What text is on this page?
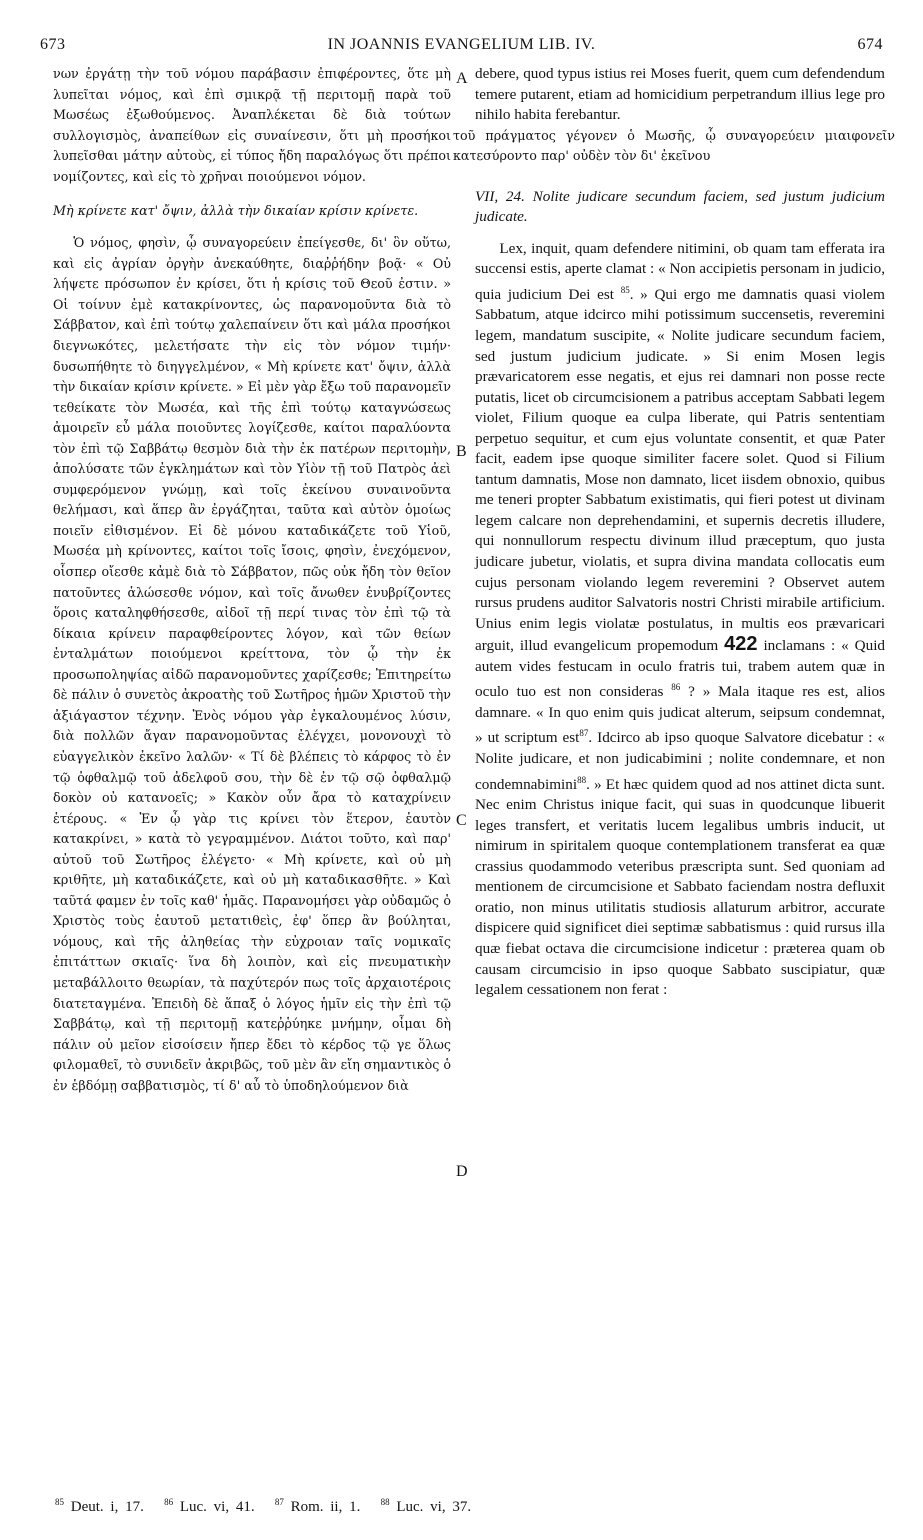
673	IN JOANNIS EVANGELIUM LIB. IV.	674

νων ἐργάτῃ τὴν τοῦ νόμου παράβασιν ἐπιφέροντες, ὅτε μὴ λυπεῖται νόμος, καὶ ἐπὶ σμικρᾷ τῇ περιτομῇ παρὰ τοῦ Μωσέως ἐξωθούμενος. Ἀναπλέκεται δὲ διὰ τούτων συλλογισμὸς, ἀναπείθων εἰς συναίνεσιν, ὅτι μὴ προσήκοι λυπεῖσθαι μάτην αὐτοὺς, εἰ τύπος ἤδη παραλόγως ὅτι πρέποι νομίζοντες, καὶ εἰς τὸ χρῆναι ποιούμενοι νόμον.

Μὴ κρίνετε κατ' ὄψιν, ἀλλὰ τὴν δικαίαν κρίσιν κρίνετε.

Ὁ νόμος, φησὶν, ᾧ συναγορεύειν ἐπείγεσθε, δι' ὃν οὕτω, καὶ εἰς ἀγρίαν ὀργὴν ἀνεκαύθητε, διαῤῥήδην βοᾷ· « Οὐ λήψετε πρόσωπον ἐν κρίσει, ὅτι ἡ κρίσις τοῦ Θεοῦ ἐστιν. » Οἱ τοίνυν ἐμὲ κατακρίνοντες, ὡς παρανομοῦντα διὰ τὸ Σάββατον, καὶ ἐπὶ τούτῳ χαλεπαίνειν ὅτι καὶ μάλα προσήκοι διεγνωκότες, μελετήσατε τὴν εἰς τὸν νόμον τιμήν· δυσωπήθητε τὸ διηγγελμένον, « Μὴ κρίνετε κατ' ὄψιν, ἀλλὰ τὴν δικαίαν κρίσιν κρίνετε. » Εἰ μὲν γὰρ ἔξω τοῦ παρανομεῖν τεθείκατε τὸν Μωσέα, καὶ τῆς ἐπὶ τούτῳ καταγνώσεως ἀμοιρεῖν εὖ μάλα ποιοῦντες λογίζεσθε, καίτοι παραλύοντα τὸν ἐπὶ τῷ Σαββάτῳ θεσμὸν διὰ τὴν ἐκ πατέρων περιτομὴν, ἀπολύσατε τῶν ἐγκλημάτων καὶ τὸν Υἱὸν τῇ τοῦ Πατρὸς ἀεὶ συμφερόμενον γνώμῃ, καὶ τοῖς ἐκείνου συναινοῦντα θελήμασι, καὶ ἅπερ ἂν ἐργάζηται, ταῦτα καὶ αὐτὸν ὁμοίως ποιεῖν εἰθισμένον. Εἰ δὲ μόνου καταδικάζετε τοῦ Υἱοῦ, Μωσέα μὴ κρίνοντες, καίτοι τοῖς ἴσοις, φησὶν, ἐνεχόμενον, οἷσπερ οἴεσθε κἀμὲ διὰ τὸ Σάββατον, πῶς οὐκ ἤδη τὸν θεῖον πατοῦντες ἁλώσεσθε νόμον, καὶ τοῖς ἄνωθεν ἐνυβρίζοντες ὅροις καταληφθήσεσθε, αἰδοῖ τῇ περί τινας τὸν ἐπὶ τῷ τὰ δίκαια κρίνειν παραφθείροντες λόγον, καὶ τῶν θείων ἐνταλμάτων ποιούμενοι κρείττονα, τὸν ᾧ τὴν ἐκ προσωποληψίας αἰδῶ παρανομοῦντες χαρίζεσθε; Ἐπιτηρείτω δὲ πάλιν ὁ συνετὸς ἀκροατὴς τοῦ Σωτῆρος ἡμῶν Χριστοῦ τὴν ἀξιάγαστον τέχνην. Ἑνὸς νόμου γὰρ ἐγκαλουμένος λύσιν, διὰ πολλῶν ἄγαν παρανομοῦντας ἐλέγχει, μονονουχὶ τὸ εὐαγγελικὸν ἐκεῖνο λαλῶν· « Τί δὲ βλέπεις τὸ κάρφος τὸ ἐν τῷ ὀφθαλμῷ τοῦ ἀδελφοῦ σου, τὴν δὲ ἐν τῷ σῷ ὀφθαλμῷ δοκὸν οὐ κατανοεῖς; » Κακὸν οὖν ἄρα τὸ καταχρίνειν ἑτέρους. « Ἐν ᾧ γὰρ τις κρίνει τὸν ἕτερον, ἑαυτὸν κατακρίνει, » κατὰ τὸ γεγραμμένον. Διάτοι τοῦτο, καὶ παρ' αὐτοῦ τοῦ Σωτῆρος ἐλέγετο· « Μὴ κρίνετε, καὶ οὐ μὴ κριθῆτε, μὴ καταδικάζετε, καὶ οὐ μὴ καταδικασθῆτε. » Καὶ ταῦτά φαμεν ἐν τοῖς καθ' ἡμᾶς. Παρανομήσει γὰρ οὐδαμῶς ὁ Χριστὸς τοὺς ἑαυτοῦ μετατιθεὶς, ἐφ' ὅπερ ἂν βούληται, νόμους, καὶ τῆς ἀληθείας τὴν εὐχροιαν ταῖς νομικαῖς ἐπιτάττων σκιαῖς· ἵνα δὴ λοιπὸν, καὶ εἰς πνευματικὴν μεταβάλλοιτο θεωρίαν, τὰ παχύτερόν πως τοῖς ἀρχαιοτέροις διατεταγμένα. Ἐπειδὴ δὲ ἅπαξ ὁ λόγος ἡμῖν εἰς τὴν ἐπὶ τῷ Σαββάτῳ, καὶ τῇ περιτομῇ κατεῤῥύηκε μνήμην, οἶμαι δὴ πάλιν οὐ μεῖον εἰσοίσειν ἤπερ ἔδει τὸ κέρδος τῷ γε ὅλως φιλομαθεῖ, τὸ συνιδεῖν ἀκριβῶς, τοῦ μὲν ἂν εἴη σημαντικὸς ὁ ἐν ἑβδόμῃ σαββατισμὸς, τί δ' αὖ τὸ ὑποδηλούμενον διὰ

debere, quod typus istius rei Moses fuerit, quem cum defendendum temere putarent, etiam ad homicidium perpetrandum illius lege pro nihilo habita ferebantur.

τοῦ πράγματος γέγονεν ὁ Μωσῆς, ᾧ συναγορεύειν μιαιφονεῖν κατεσύροντο παρ' οὐδὲν τὸν δι' ἐκεῖνου

VII, 24. Nolite judicare secundum faciem, sed justum judicium judicate.

Lex, inquit, quam defendere nitimini, ob quam tam efferata ira succensi estis, aperte clamat : « Non accipietis personam in judicio, quia judicium Dei est $^{85}$. » Qui ergo me damnatis quasi violem Sabbatum, atque idcirco mihi potissimum succensetis, reveremini legem, mandatum suscipite, « Nolite judicare secundum faciem, sed justum judicium judicate. » Si enim Mosen legis prævaricatorem esse negatis, et ejus rei damnari non posse recte putatis, licet ob circumcisionem a patribus acceptam Sabbati legem violet, Filium quoque ea culpa liberate, qui Patris sententiam perpetuo sequitur, et cum ejus voluntate consentit, et quæ Pater facit, eadem ipse quoque similiter facere solet. Quod si Filium tantum damnatis, Mose non damnato, licet iisdem obnoxio, quibus me teneri propter Sabbatum existimatis, qui fieri potest ut divinam legem calcare non deprehendamini, et supernis decretis illudere, qui nonnullorum respectu divinum illud præceptum, quo justa judicare jubetur, violatis, et supra divina mandata collocatis eum cujus personam violando legem reveremini ? Observet autem rursus prudens auditor Salvatoris nostri Christi mirabile artificium. Unius enim legis violatæ postulatus, in multis eos prævaricari arguit, illud evangelicum propemodum 422 inclamans : « Quid autem vides festucam in oculo fratris tui, trabem autem quæ in oculo tuo est non consideras $^{86}$ ? » Mala itaque res est, alios damnare. « In quo enim quis judicat alterum, seipsum condemnat, » ut scriptum est$^{87}$. Idcirco ab ipso quoque Salvatore dicebatur : « Nolite judicare, et non judicabimini ; nolite condemnare, et non condemnabimini$^{88}$. » Et hæc quidem quod ad nos attinet dicta sunt. Nec enim Christus inique facit, qui suas in quodcunque libuerit leges transfert, et veritatis lucem legalibus umbris inducit, ut nimirum in spiritalem quoque contemplationem transferat ea quæ crassius quodammodo veteribus præscripta sunt. Sed quoniam ad mentionem de circumcisione et Sabbato faciendam nostra defluxit oratio, non minus utilitatis studiosis allaturum arbitror, accurate dispicere quid significet diei septimæ sabbatismus : quid rursus illa quæ fiebat octava die circumcisione indicetur : præterea quam ob causam circumcisio in ipso quoque Sabbato suscipiatur, quæ legalem cessationem non ferat :

A
B
C
D
$^{85}$ Deut. i, 17. $^{86}$ Luc. vi, 41. $^{87}$ Rom. ii, 1. $^{88}$ Luc. vi, 37.
